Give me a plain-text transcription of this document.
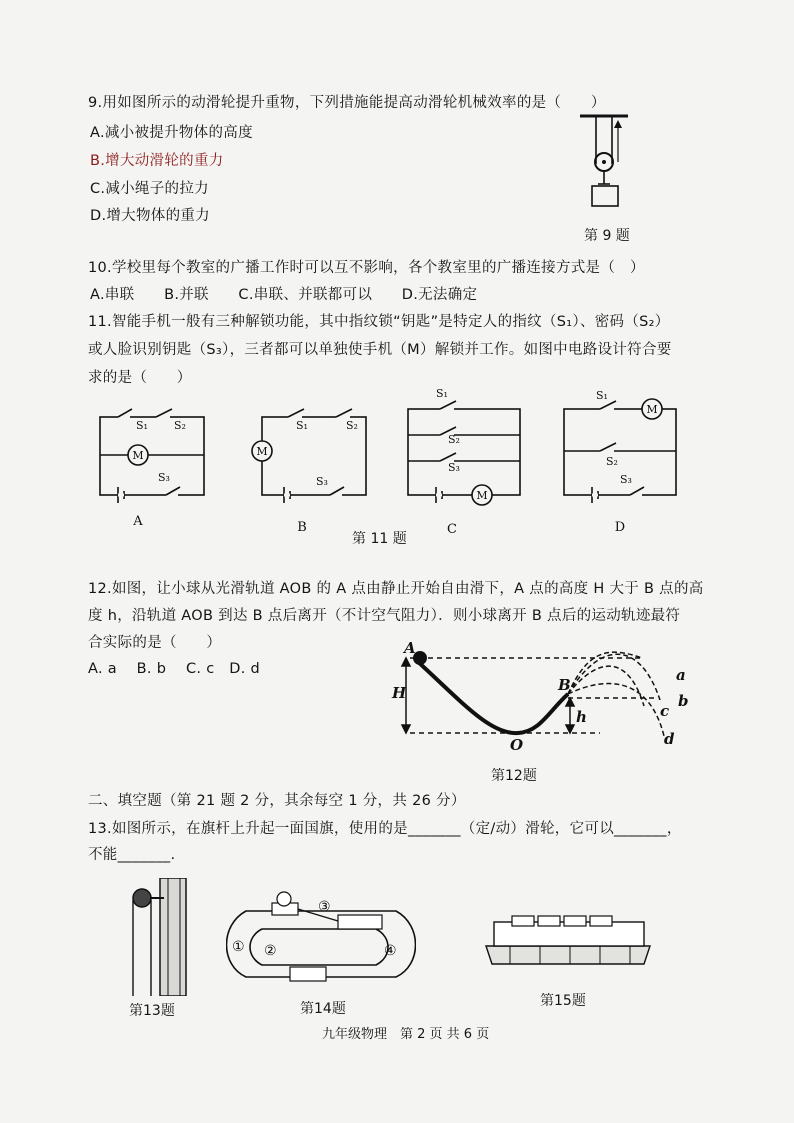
9.用如图所示的动滑轮提升重物，下列措施能提高动滑轮机械效率的是（　　）
A.减小被提升物体的高度
B.增大动滑轮的重力
C.减小绳子的拉力
D.增大物体的重力
第 9 题
10.学校里每个教室的广播工作时可以互不影响，各个教室里的广播连接方式是（　）
A.串联　　B.并联　　C.串联、并联都可以　　D.无法确定
11.智能手机一般有三种解锁功能，其中指纹锁“钥匙”是特定人的指纹（S₁）、密码（S₂）
或人脸识别钥匙（S₃），三者都可以单独使手机（M）解锁并工作。如图中电路设计符合要
求的是（　　）
M	M
M
M
S₁ S₂
S₃
S₁	S₂
S₃
S₁
S₂
S₃
S₁
S₂
S₃
A	B	C	D
第 11 题
12.如图，让小球从光滑轨道 AOB 的 A 点由静止开始自由滑下，A 点的高度 H 大于 B 点的高
度 h，沿轨道 AOB 到达 B 点后离开（不计空气阻力）．则小球离开 B 点后的运动轨迹最符
合实际的是（　　）
A. a　 B. b　 C. c　D. d
A
H	B
h
O
a
b
c
d
第12题
二、填空题（第 21 题 2 分，其余每空 1 分，共 26 分）
13.如图所示，在旗杆上升起一面国旗，使用的是_______（定/动）滑轮，它可以_______，
不能_______.
第13题
① ②
③
④
第14题	第15题
九年级物理　第 2 页 共 6 页
